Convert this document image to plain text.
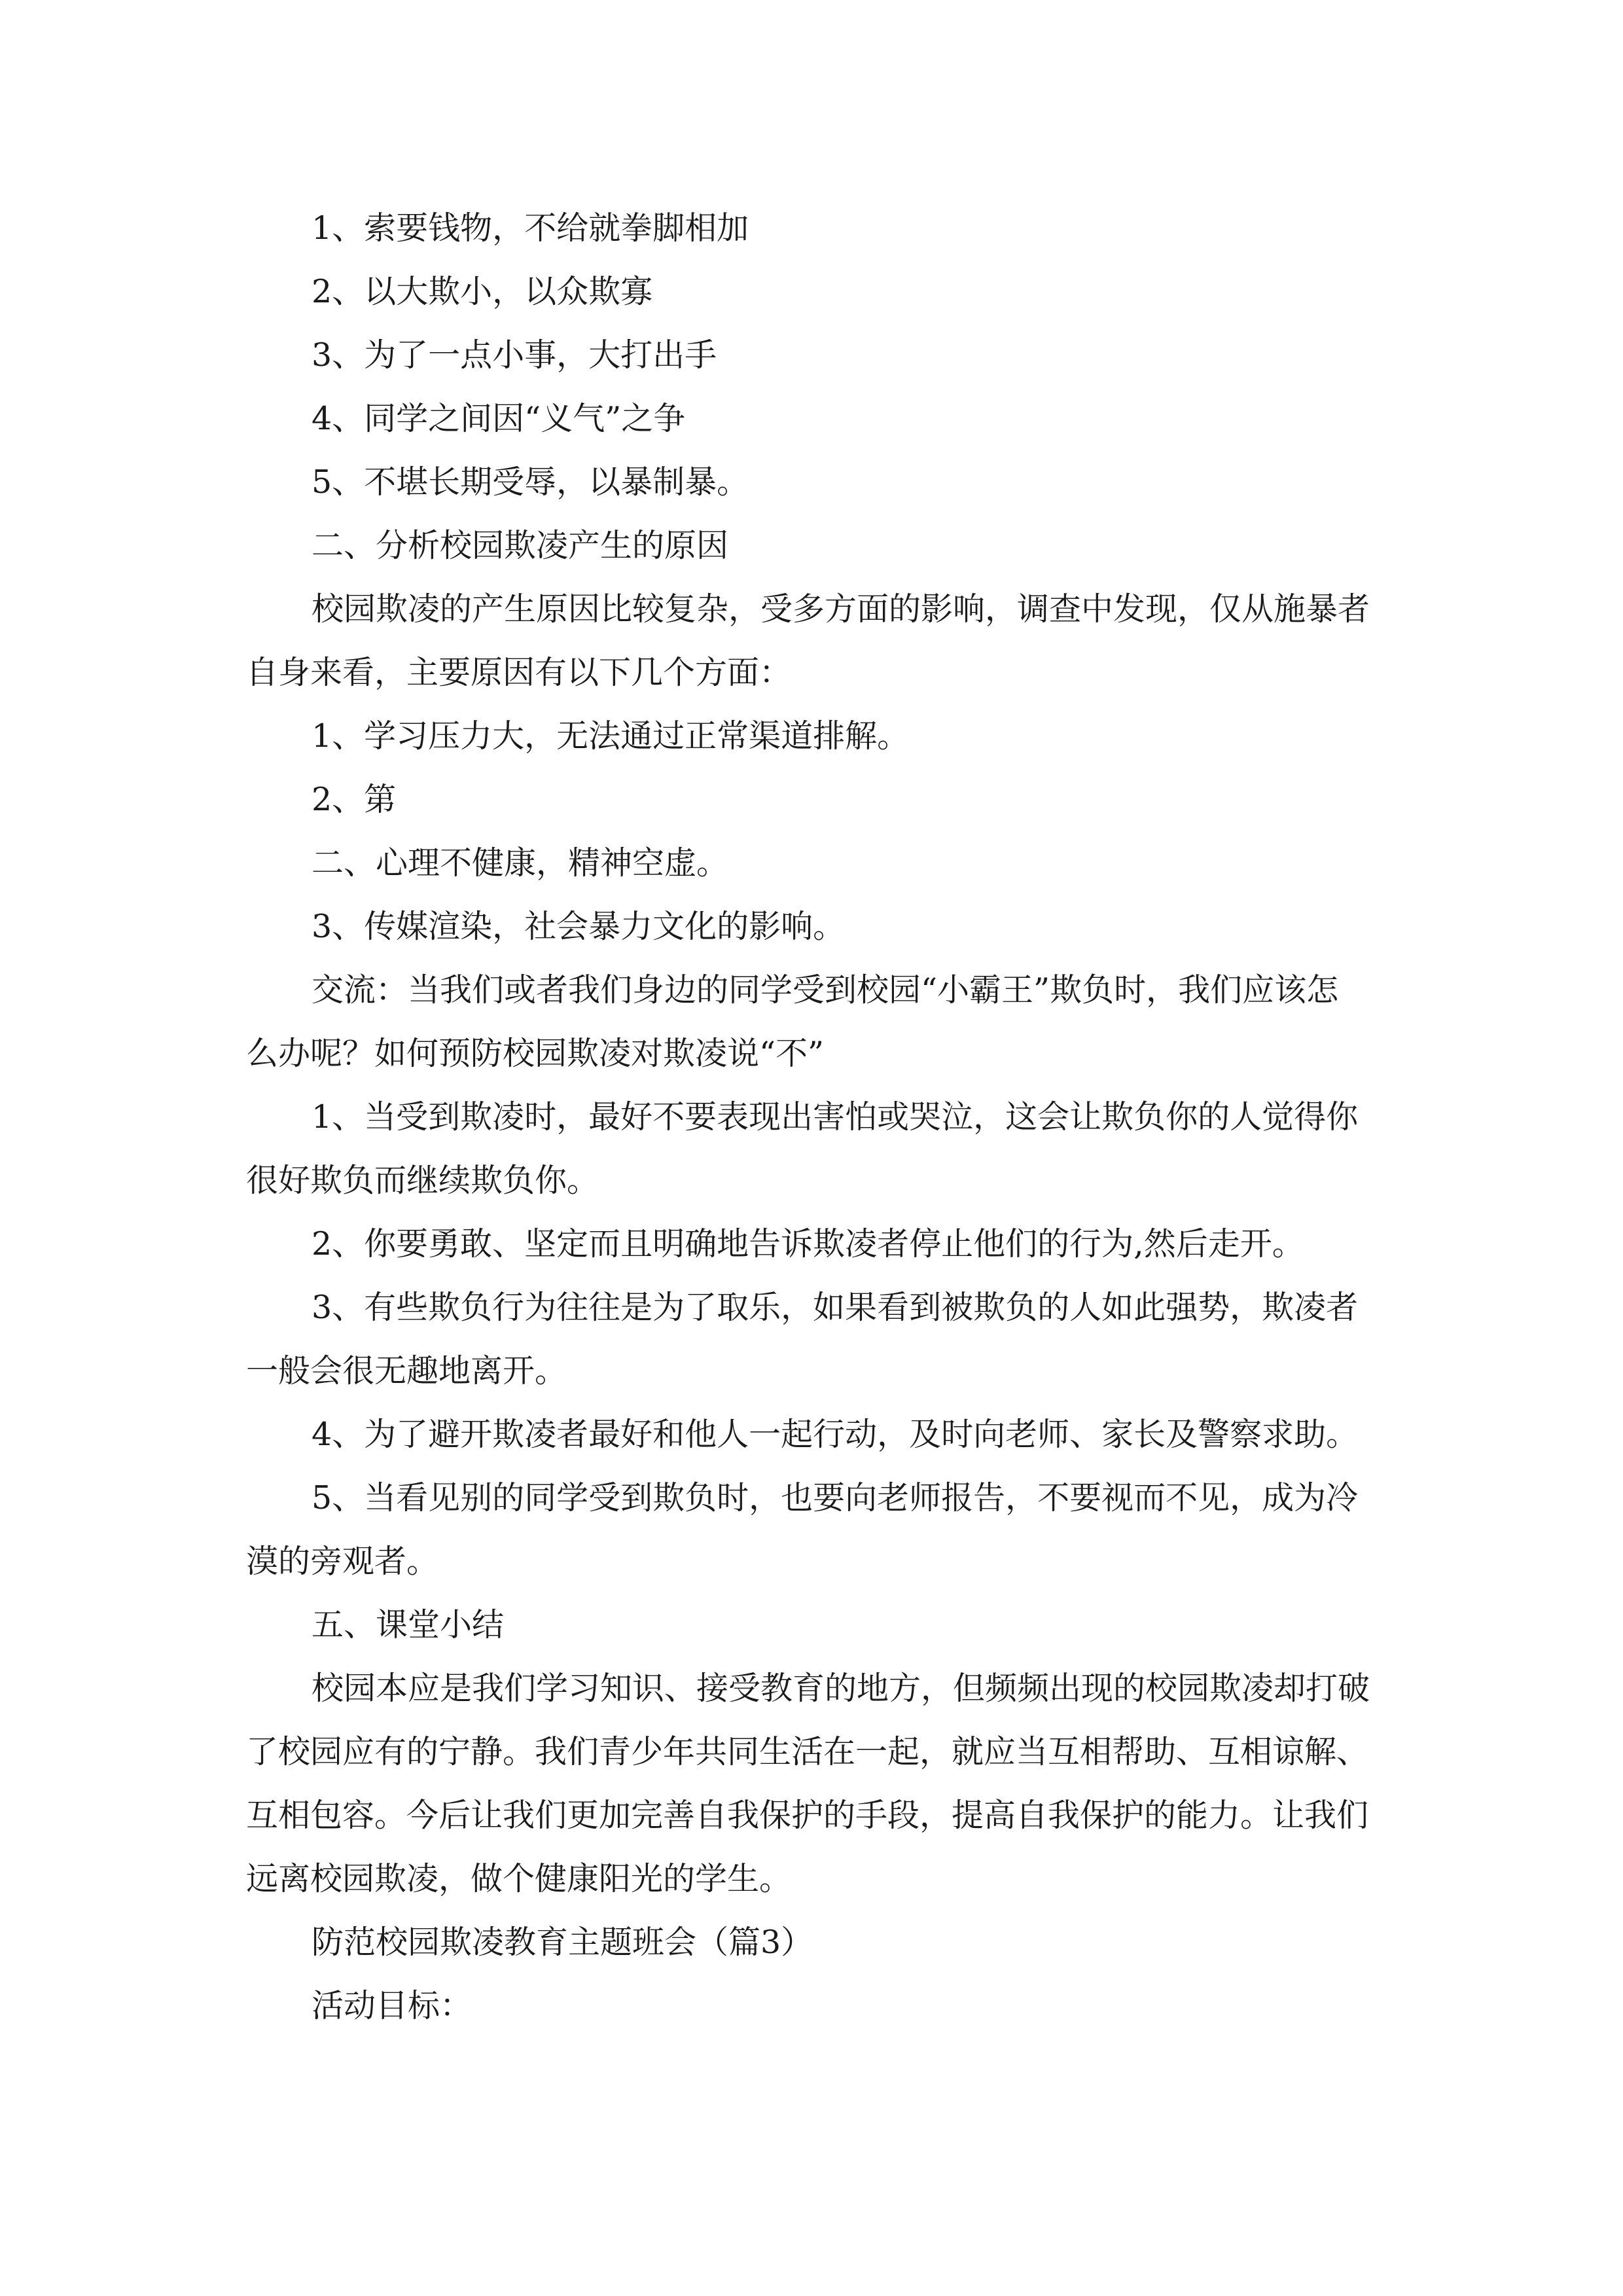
1、索要钱物，不给就拳脚相加
2、以大欺小，以众欺寡
3、为了一点小事，大打出手
4、同学之间因“义气”之争
5、不堪长期受辱，以暴制暴。
二、分析校园欺凌产生的原因
校园欺凌的产生原因比较复杂，受多方面的影响，调查中发现，仅从施暴者
自身来看，主要原因有以下几个方面：
1、学习压力大，无法通过正常渠道排解。
2、第
二、心理不健康，精神空虚。
3、传媒渲染，社会暴力文化的影响。
交流：当我们或者我们身边的同学受到校园“小霸王”欺负时，我们应该怎
么办呢？如何预防校园欺凌对欺凌说“不”
1、当受到欺凌时，最好不要表现出害怕或哭泣，这会让欺负你的人觉得你
很好欺负而继续欺负你。
2、你要勇敢、坚定而且明确地告诉欺凌者停止他们的行为,然后走开。
3、有些欺负行为往往是为了取乐，如果看到被欺负的人如此强势，欺凌者
一般会很无趣地离开。
4、为了避开欺凌者最好和他人一起行动，及时向老师、家长及警察求助。
5、当看见别的同学受到欺负时，也要向老师报告，不要视而不见，成为冷
漠的旁观者。
五、课堂小结
校园本应是我们学习知识、接受教育的地方，但频频出现的校园欺凌却打破
了校园应有的宁静。我们青少年共同生活在一起，就应当互相帮助、互相谅解、
互相包容。今后让我们更加完善自我保护的手段，提高自我保护的能力。让我们
远离校园欺凌，做个健康阳光的学生。
防范校园欺凌教育主题班会（篇3）
活动目标：
